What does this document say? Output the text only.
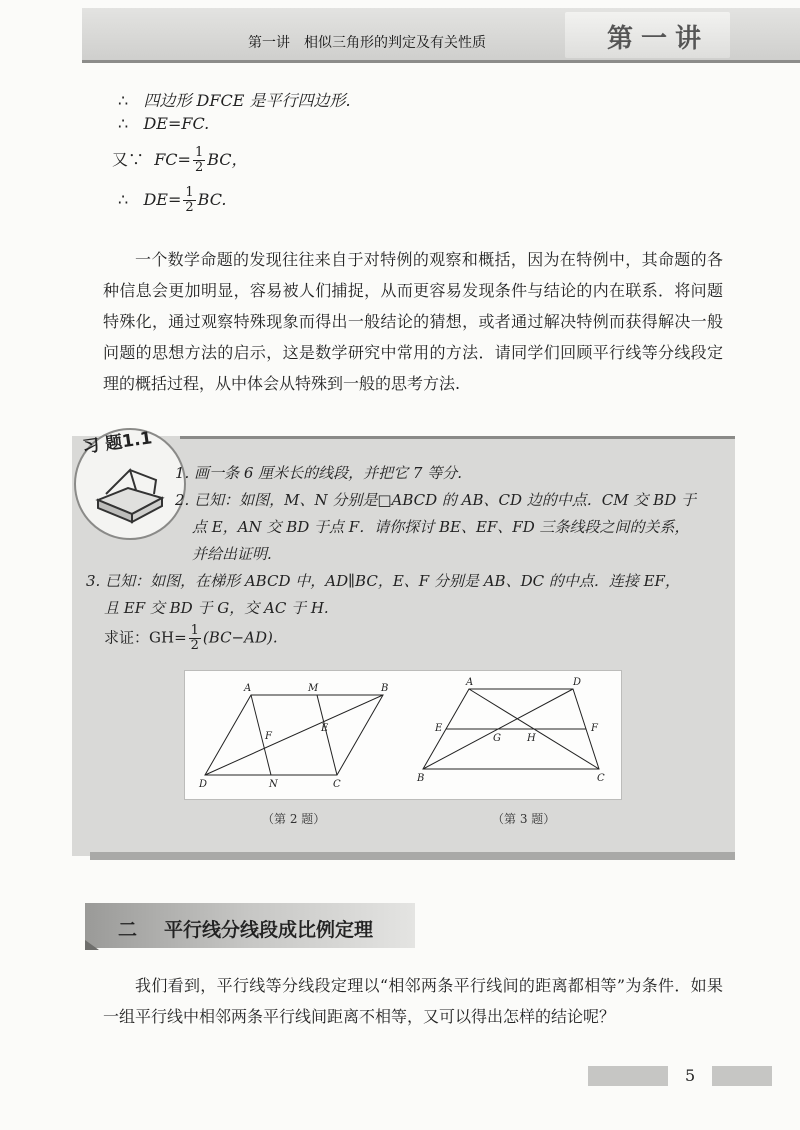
第一讲　相似三角形的判定及有关性质	第一讲
∴ 四边形 DFCE 是平行四边形.
∴ DE=FC.
又∵ $FC= \frac{1}{2}$ BC，
∴ $DE= \frac{1}{2}$ BC.
一个数学命题的发现往往来自于对特例的观察和概括，因为在特例中，其命题的各种信息会更加明显，容易被人们捕捉，从而更容易发现条件与结论的内在联系．将问题特殊化，通过观察特殊现象而得出一般结论的猜想，或者通过解决特例而获得解决一般问题的思想方法的启示，这是数学研究中常用的方法．请同学们回顾平行线等分线段定理的概括过程，从中体会从特殊到一般的思考方法.
习 题1.1
1. 画一条 6 厘米长的线段，并把它 7 等分.
2. 已知：如图，M、N 分别是□ABCD 的 AB、CD 边的中点．CM 交 BD 于
点 E，AN 交 BD 于点 F．请你探讨 BE、EF、FD 三条线段之间的关系，
并给出证明.
3. 已知：如图，在梯形 ABCD 中，AD∥BC，E、F 分别是 AB、DC 的中点．连接 EF，
且 EF 交 BD 于 G，交 AC 于 H.
求证：$GH= \frac{1}{2} (BC-AD)$.
A	M	B
F
E
D	N	C
A	D
E	F
G	H
B	C
（第 2 题）	（第 3 题）
二 平行线分线段成比例定理
我们看到，平行线等分线段定理以“相邻两条平行线间的距离都相等”为条件．如果一组平行线中相邻两条平行线间距离不相等，又可以得出怎样的结论呢？
5
